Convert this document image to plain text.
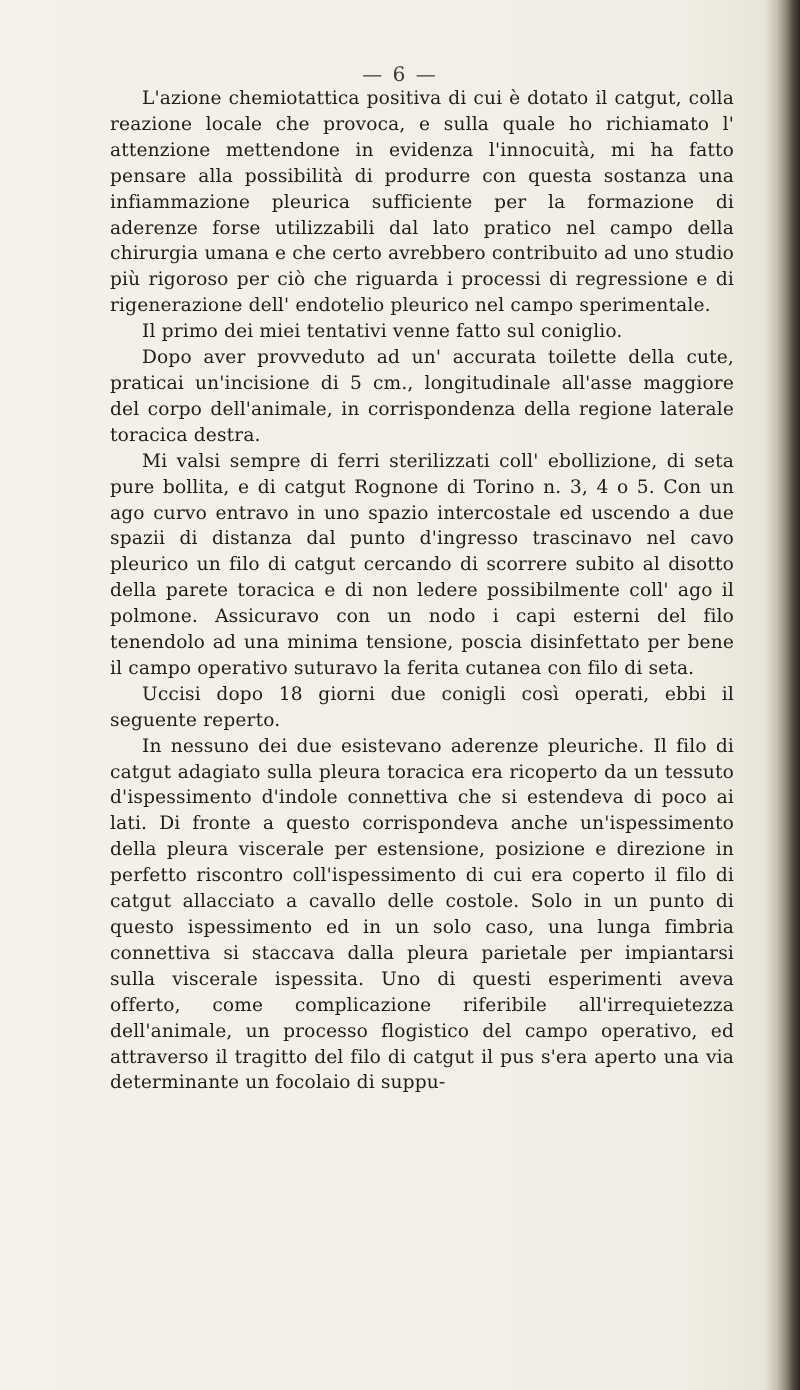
— 6 —

L'azione chemiotattica positiva di cui è dotato il catgut, colla reazione locale che provoca, e sulla quale ho richiamato l' attenzione mettendone in evidenza l'innocuità, mi ha fatto pensare alla possibilità di produrre con questa sostanza una infiammazione pleurica sufficiente per la formazione di aderenze forse utilizzabili dal lato pratico nel campo della chirurgia umana e che certo avrebbero contribuito ad uno studio più rigoroso per ciò che riguarda i processi di regressione e di rigenerazione dell' endotelio pleurico nel campo sperimentale.

Il primo dei miei tentativi venne fatto sul coniglio.

Dopo aver provveduto ad un' accurata toilette della cute, praticai un'incisione di 5 cm., longitudinale all'asse maggiore del corpo dell'animale, in corrispondenza della regione laterale toracica destra.

Mi valsi sempre di ferri sterilizzati coll' ebollizione, di seta pure bollita, e di catgut Rognone di Torino n. 3, 4 o 5. Con un ago curvo entravo in uno spazio intercostale ed uscendo a due spazii di distanza dal punto d'ingresso trascinavo nel cavo pleurico un filo di catgut cercando di scorrere subito al disotto della parete toracica e di non ledere possibilmente coll' ago il polmone. Assicuravo con un nodo i capi esterni del filo tenendolo ad una minima tensione, poscia disinfettato per bene il campo operativo suturavo la ferita cutanea con filo di seta.

Uccisi dopo 18 giorni due conigli così operati, ebbi il seguente reperto.

In nessuno dei due esistevano aderenze pleuriche. Il filo di catgut adagiato sulla pleura toracica era ricoperto da un tessuto d'ispessimento d'indole connettiva che si estendeva di poco ai lati. Di fronte a questo corrispondeva anche un'ispessimento della pleura viscerale per estensione, posizione e direzione in perfetto riscontro coll'ispessimento di cui era coperto il filo di catgut allacciato a cavallo delle costole. Solo in un punto di questo ispessimento ed in un solo caso, una lunga fimbria connettiva si staccava dalla pleura parietale per impiantarsi sulla viscerale ispessita. Uno di questi esperimenti aveva offerto, come complicazione riferibile all'irrequietezza dell'animale, un processo flogistico del campo operativo, ed attraverso il tragitto del filo di catgut il pus s'era aperto una via determinante un focolaio di suppu-
